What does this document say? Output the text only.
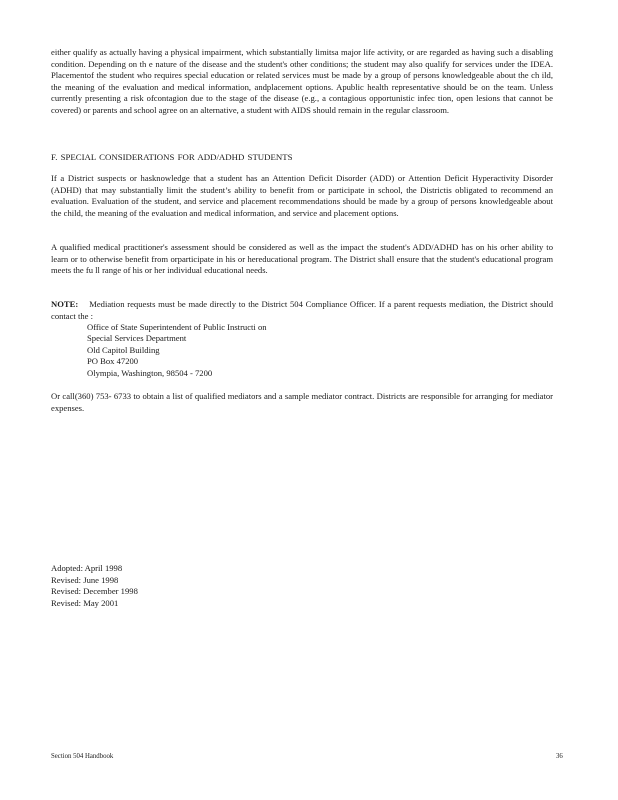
either qualify as actually having a physical impairment, which substantially limitsa major life activity, or are regarded as having such a disabling condition. Depending on th e nature of the disease and the student's other conditions; the student may also qualify for services under the IDEA. Placementof the student who requires special education or related services must be made by a group of persons knowledgeable about the ch ild, the meaning of the evaluation and medical information, andplacement options. Apublic health representative should be on the team. Unless currently presenting a risk ofcontagion due to the stage of the disease (e.g., a contagious opportunistic infec tion, open lesions that cannot be covered) or parents and school agree on an alternative, a student with AIDS should remain in the regular classroom.

F. SPECIAL CONSIDERATIONS FOR ADD/ADHD STUDENTS

If a District suspects or hasknowledge that a student has an Attention Deficit Disorder (ADD) or Attention Deficit Hyperactivity Disorder (ADHD) that may substantially limit the student’s ability to benefit from or participate in school, the Districtis obligated to recommend an evaluation. Evaluation of the student, and service and placement recommendations should be made by a group of persons knowledgeable about the child, the meaning of the evaluation and medical information, and service and placement options.

A qualified medical practitioner's assessment should be considered as well as the impact the student's ADD/ADHD has on his orher ability to learn or to otherwise benefit from orparticipate in his or hereducational program. The District shall ensure that the student's educational program meets the fu ll range of his or her individual educational needs.

NOTE: Mediation requests must be made directly to the District 504 Compliance Officer. If a parent requests mediation, the District should contact the :

Office of State Superintendent of Public Instructi on
Special Services Department
Old Capitol Building
PO Box 47200
Olympia, Washington, 98504 - 7200

Or call(360) 753- 6733 to obtain a list of qualified mediators and a sample mediator contract. Districts are responsible for arranging for mediator expenses.

Adopted: April 1998
Revised: June 1998
Revised: December 1998
Revised: May 2001
Section 504 Handbook	36
